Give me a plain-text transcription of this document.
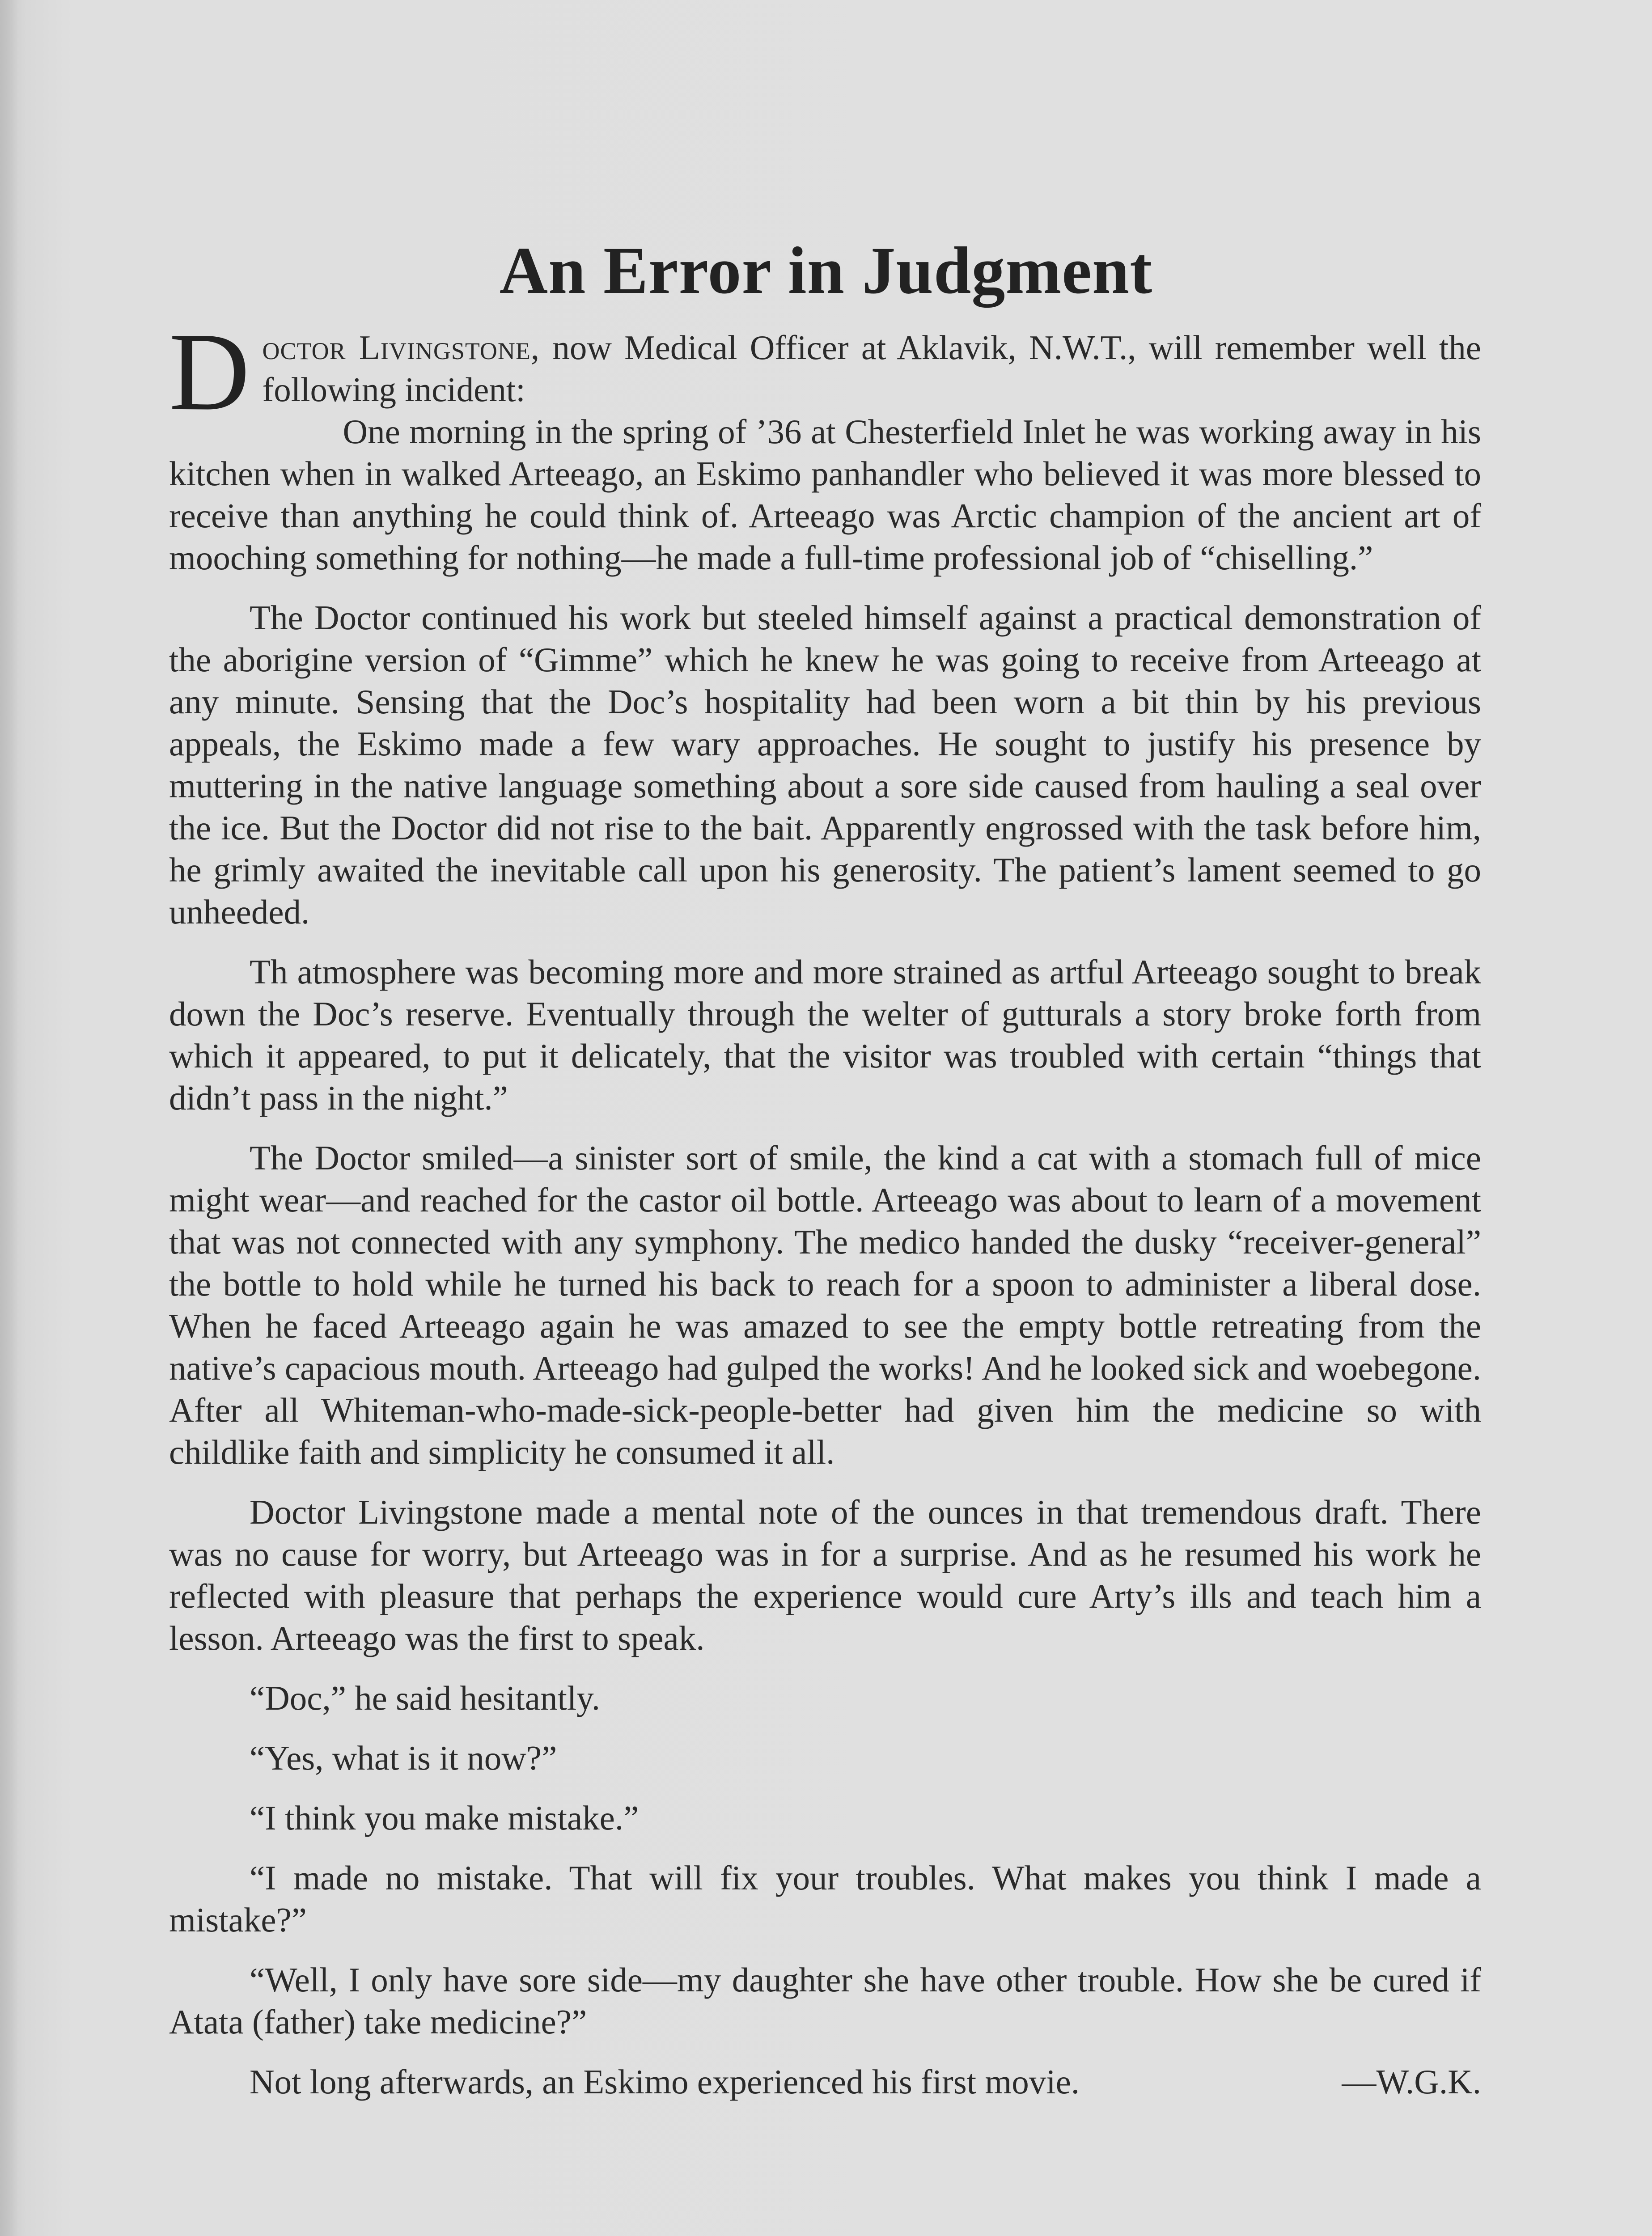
An Error in Judgment

Doctor Livingstone, now Medical Officer at Aklavik, N.W.T., will remember well the following incident:

One morning in the spring of ’36 at Chesterfield Inlet he was working away in his kitchen when in walked Arteeago, an Eskimo panhandler who believed it was more blessed to receive than anything he could think of. Arteeago was Arctic champion of the ancient art of mooching something for nothing—he made a full-time professional job of “chiselling.”

The Doctor continued his work but steeled himself against a practical demonstration of the aborigine version of “Gimme” which he knew he was going to receive from Arteeago at any minute. Sensing that the Doc’s hospitality had been worn a bit thin by his previous appeals, the Eskimo made a few wary approaches. He sought to justify his presence by muttering in the native language something about a sore side caused from hauling a seal over the ice. But the Doctor did not rise to the bait. Apparently engrossed with the task before him, he grimly awaited the inevitable call upon his generosity. The patient’s lament seemed to go unheeded.

Th atmosphere was becoming more and more strained as artful Arteeago sought to break down the Doc’s reserve. Eventually through the welter of gutturals a story broke forth from which it appeared, to put it delicately, that the visitor was troubled with certain “things that didn’t pass in the night.”

The Doctor smiled—a sinister sort of smile, the kind a cat with a stomach full of mice might wear—and reached for the castor oil bottle. Arteeago was about to learn of a movement that was not connected with any symphony. The medico handed the dusky “receiver-general” the bottle to hold while he turned his back to reach for a spoon to administer a liberal dose. When he faced Arteeago again he was amazed to see the empty bottle retreating from the native’s capacious mouth. Arteeago had gulped the works! And he looked sick and woebegone. After all Whiteman-who-made-sick-people-better had given him the medicine so with childlike faith and simplicity he consumed it all.

Doctor Livingstone made a mental note of the ounces in that tremendous draft. There was no cause for worry, but Arteeago was in for a surprise. And as he resumed his work he reflected with pleasure that perhaps the experience would cure Arty’s ills and teach him a lesson. Arteeago was the first to speak.

“Doc,” he said hesitantly.

“Yes, what is it now?”

“I think you make mistake.”

“I made no mistake. That will fix your troubles. What makes you think I made a mistake?”

“Well, I only have sore side—my daughter she have other trouble. How she be cured if Atata (father) take medicine?”

Not long afterwards, an Eskimo experienced his first movie.	—W.G.K.
